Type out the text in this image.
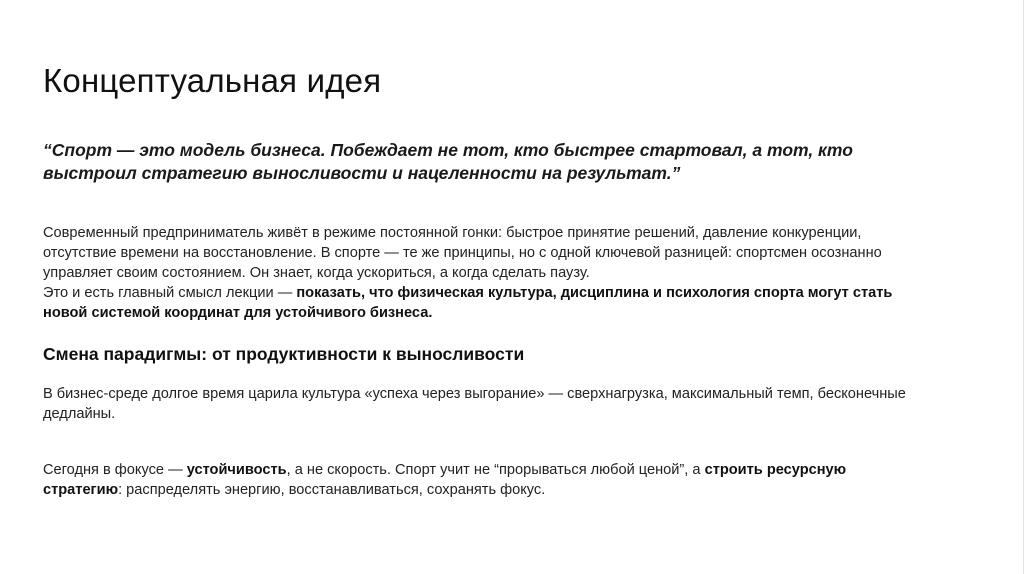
Концептуальная идея

“Спорт — это модель бизнеса. Побеждает не тот, кто быстрее стартовал, а тот, кто
выстроил стратегию выносливости и нацеленности на результат.”

Современный предприниматель живёт в режиме постоянной гонки: быстрое принятие решений, давление конкуренции,
отсутствие времени на восстановление. В спорте — те же принципы, но с одной ключевой разницей: спортсмен осознанно
управляет своим состоянием. Он знает, когда ускориться, а когда сделать паузу.
Это и есть главный смысл лекции — показать, что физическая культура, дисциплина и психология спорта могут стать
новой системой координат для устойчивого бизнеса.

Смена парадигмы: от продуктивности к выносливости

В бизнес-среде долгое время царила культура «успеха через выгорание» — сверхнагрузка, максимальный темп, бесконечные
дедлайны.

Сегодня в фокусе — устойчивость, а не скорость. Спорт учит не “прорываться любой ценой”, а строить ресурсную
стратегию: распределять энергию, восстанавливаться, сохранять фокус.
